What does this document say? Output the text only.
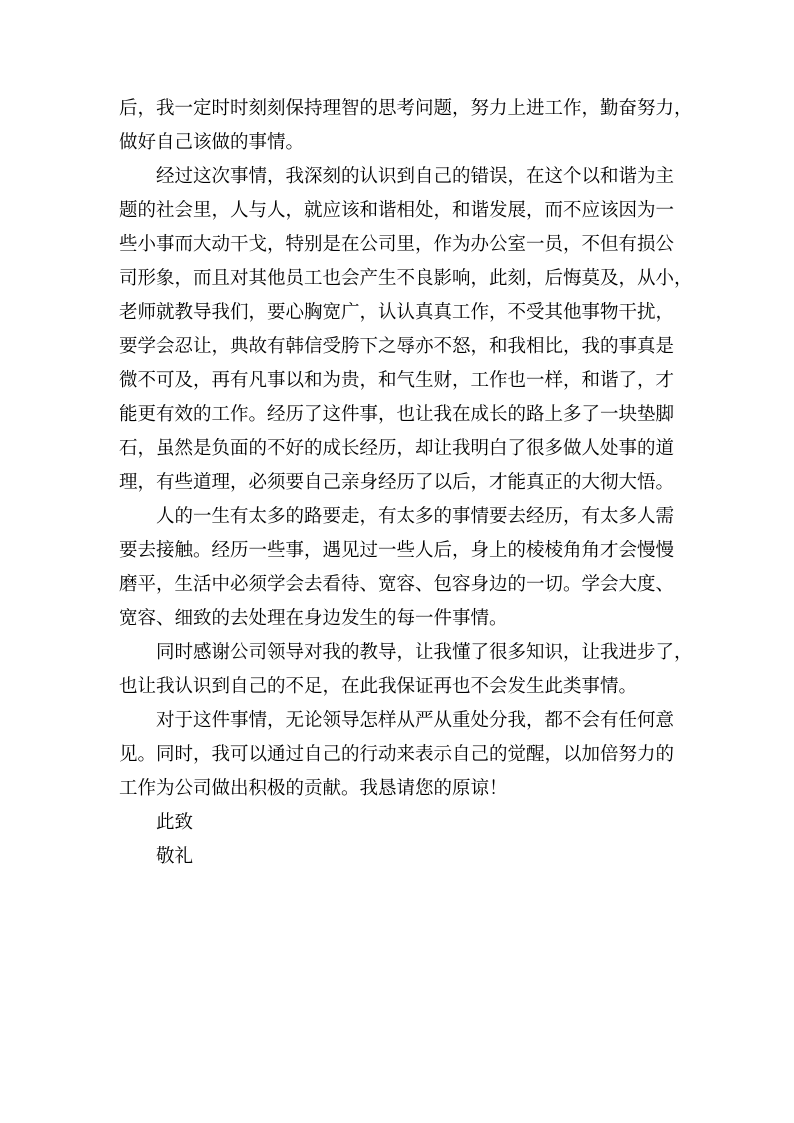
后，我一定时时刻刻保持理智的思考问题，努力上进工作，勤奋努力，
做好自己该做的事情。
经过这次事情，我深刻的认识到自己的错误，在这个以和谐为主
题的社会里，人与人，就应该和谐相处，和谐发展，而不应该因为一
些小事而大动干戈，特别是在公司里，作为办公室一员，不但有损公
司形象，而且对其他员工也会产生不良影响，此刻，后悔莫及，从小，
老师就教导我们，要心胸宽广，认认真真工作，不受其他事物干扰，
要学会忍让，典故有韩信受胯下之辱亦不怒，和我相比，我的事真是
微不可及，再有凡事以和为贵，和气生财，工作也一样，和谐了，才
能更有效的工作。经历了这件事，也让我在成长的路上多了一块垫脚
石，虽然是负面的不好的成长经历，却让我明白了很多做人处事的道
理，有些道理，必须要自己亲身经历了以后，才能真正的大彻大悟。
人的一生有太多的路要走，有太多的事情要去经历，有太多人需
要去接触。经历一些事，遇见过一些人后，身上的棱棱角角才会慢慢
磨平，生活中必须学会去看待、宽容、包容身边的一切。学会大度、
宽容、细致的去处理在身边发生的每一件事情。
同时感谢公司领导对我的教导，让我懂了很多知识，让我进步了，
也让我认识到自己的不足，在此我保证再也不会发生此类事情。
对于这件事情，无论领导怎样从严从重处分我，都不会有任何意
见。同时，我可以通过自己的行动来表示自己的觉醒，以加倍努力的
工作为公司做出积极的贡献。我恳请您的原谅！
此致
敬礼
